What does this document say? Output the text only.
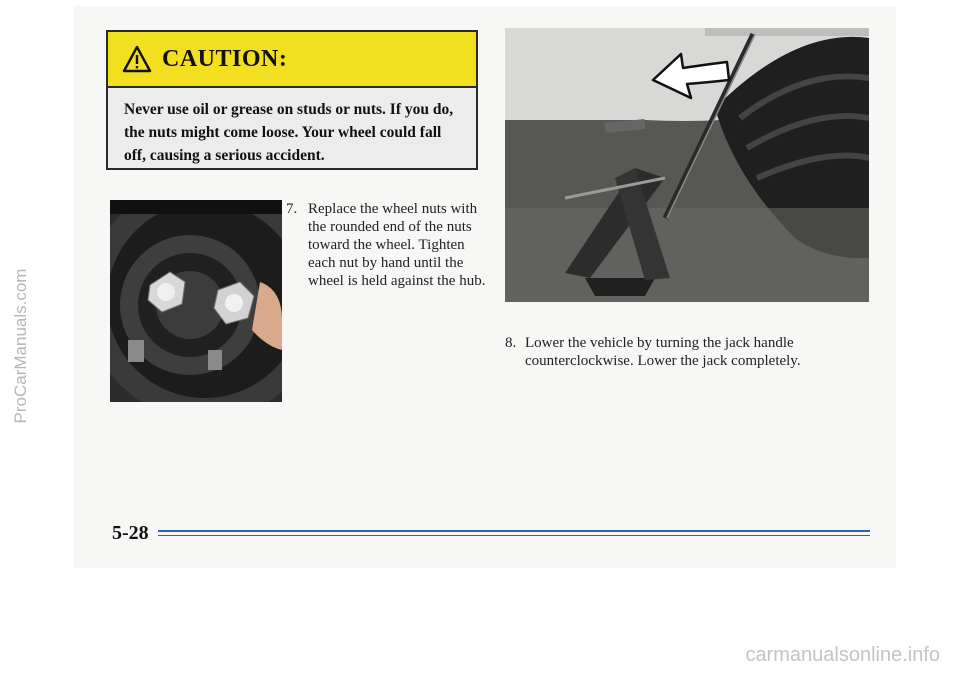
CAUTION:
Never use oil or grease on studs or nuts. If you do, the nuts might come loose. Your wheel could fall off, causing a serious accident.
7. Replace the wheel nuts with the rounded end of the nuts toward the wheel. Tighten each nut by hand until the wheel is held against the hub.
8. Lower the vehicle by turning the jack handle counterclockwise. Lower the jack completely.
5-28
ProCarManuals.com
carmanualsonline.info
